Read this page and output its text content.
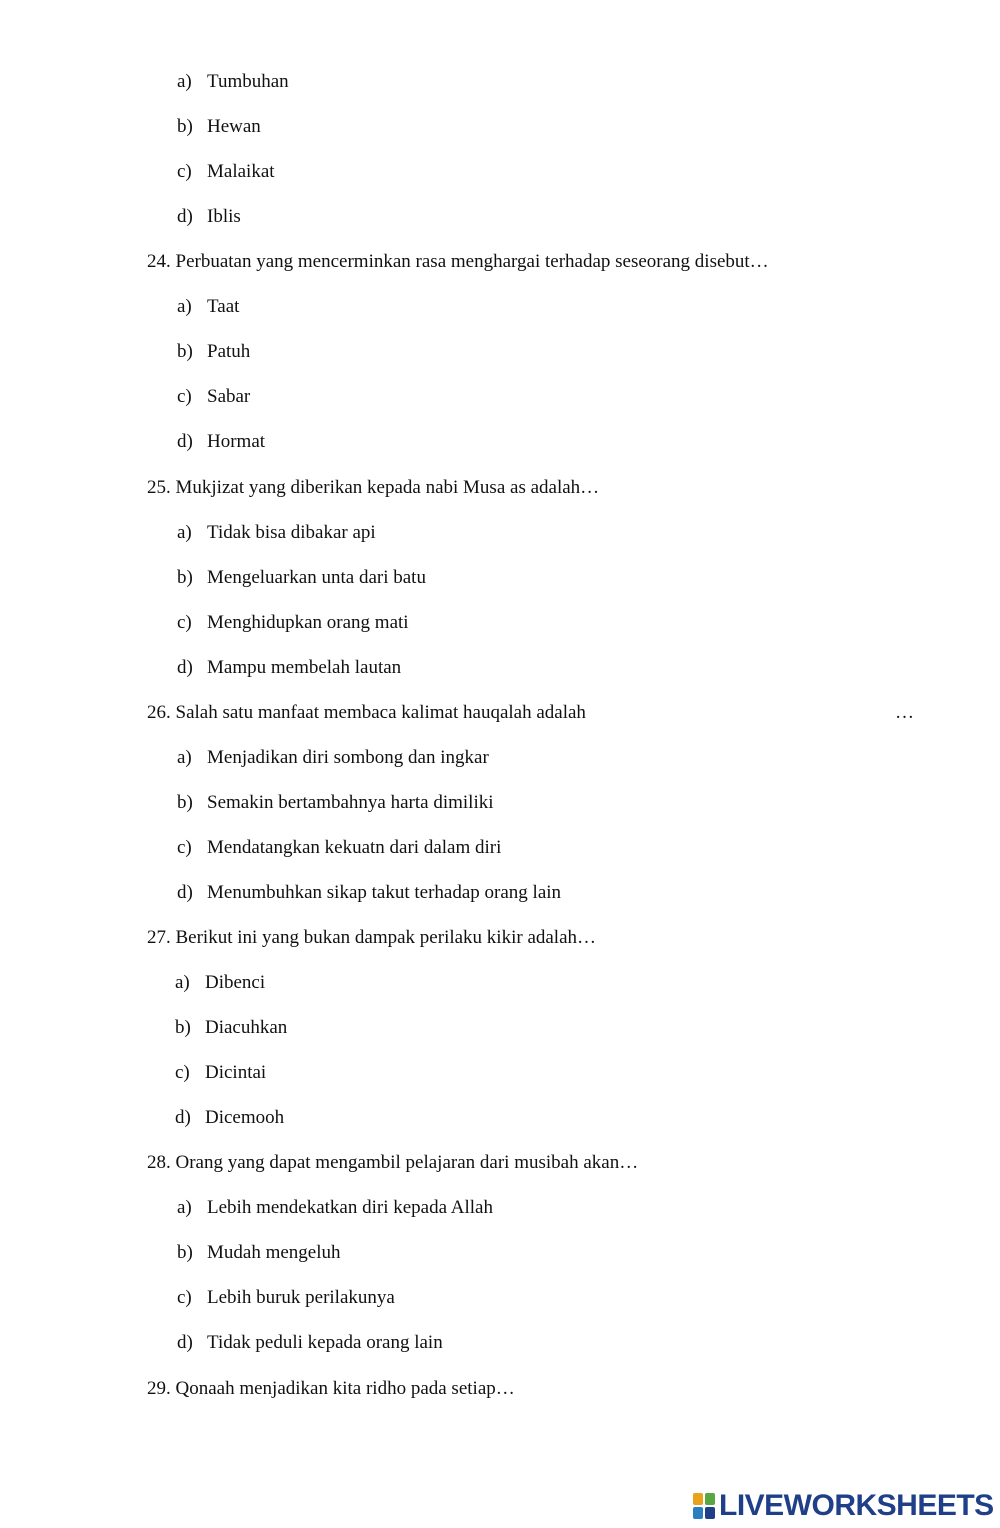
a) Tumbuhan
b) Hewan
c) Malaikat
d) Iblis
24. Perbuatan yang mencerminkan rasa menghargai terhadap seseorang disebut…
a) Taat
b) Patuh
c) Sabar
d) Hormat
25. Mukjizat yang diberikan kepada nabi Musa as adalah…
a) Tidak bisa dibakar api
b) Mengeluarkan unta dari batu
c) Menghidupkan orang mati
d) Mampu membelah lautan
26. Salah satu manfaat membaca kalimat hauqalah adalah	…
a) Menjadikan diri sombong dan ingkar
b) Semakin bertambahnya harta dimiliki
c) Mendatangkan kekuatn dari dalam diri
d) Menumbuhkan sikap takut terhadap orang lain
27. Berikut ini yang bukan dampak perilaku kikir adalah…
a) Dibenci
b) Diacuhkan
c) Dicintai
d) Dicemooh
28. Orang yang dapat mengambil pelajaran dari musibah akan…
a) Lebih mendekatkan diri kepada Allah
b) Mudah mengeluh
c) Lebih buruk perilakunya
d) Tidak peduli kepada orang lain
29. Qonaah menjadikan kita ridho pada setiap…
LIVEWORKSHEETS
